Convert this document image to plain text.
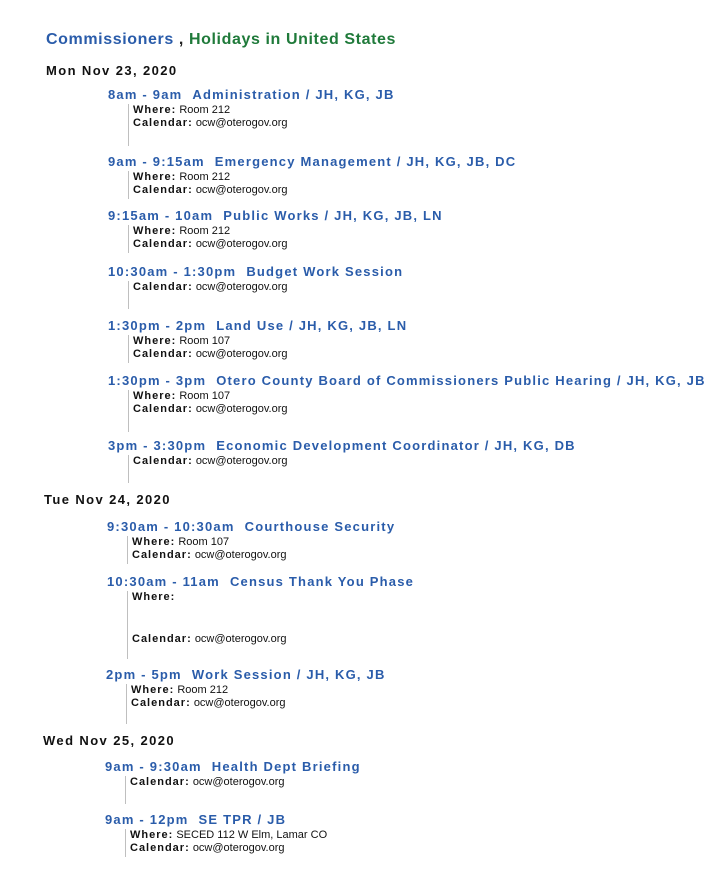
Commissioners , Holidays in United States
Mon Nov 23, 2020
8am - 9am Administration / JH, KG, JB
Where: Room 212
Calendar: ocw@oterogov.org
9am - 9:15am Emergency Management / JH, KG, JB, DC
Where: Room 212
Calendar: ocw@oterogov.org
9:15am - 10am Public Works / JH, KG, JB, LN
Where: Room 212
Calendar: ocw@oterogov.org
10:30am - 1:30pm Budget Work Session
Calendar: ocw@oterogov.org
1:30pm - 2pm Land Use / JH, KG, JB, LN
Where: Room 107
Calendar: ocw@oterogov.org
1:30pm - 3pm Otero County Board of Commissioners Public Hearing / JH, KG, JB
Where: Room 107
Calendar: ocw@oterogov.org
3pm - 3:30pm Economic Development Coordinator / JH, KG, DB
Calendar: ocw@oterogov.org
Tue Nov 24, 2020
9:30am - 10:30am Courthouse Security
Where: Room 107
Calendar: ocw@oterogov.org
10:30am - 11am Census Thank You Phase
Where:
Calendar: ocw@oterogov.org
2pm - 5pm Work Session / JH, KG, JB
Where: Room 212
Calendar: ocw@oterogov.org
Wed Nov 25, 2020
9am - 9:30am Health Dept Briefing
Calendar: ocw@oterogov.org
9am - 12pm SE TPR / JB
Where: SECED 112 W Elm, Lamar CO
Calendar: ocw@oterogov.org
